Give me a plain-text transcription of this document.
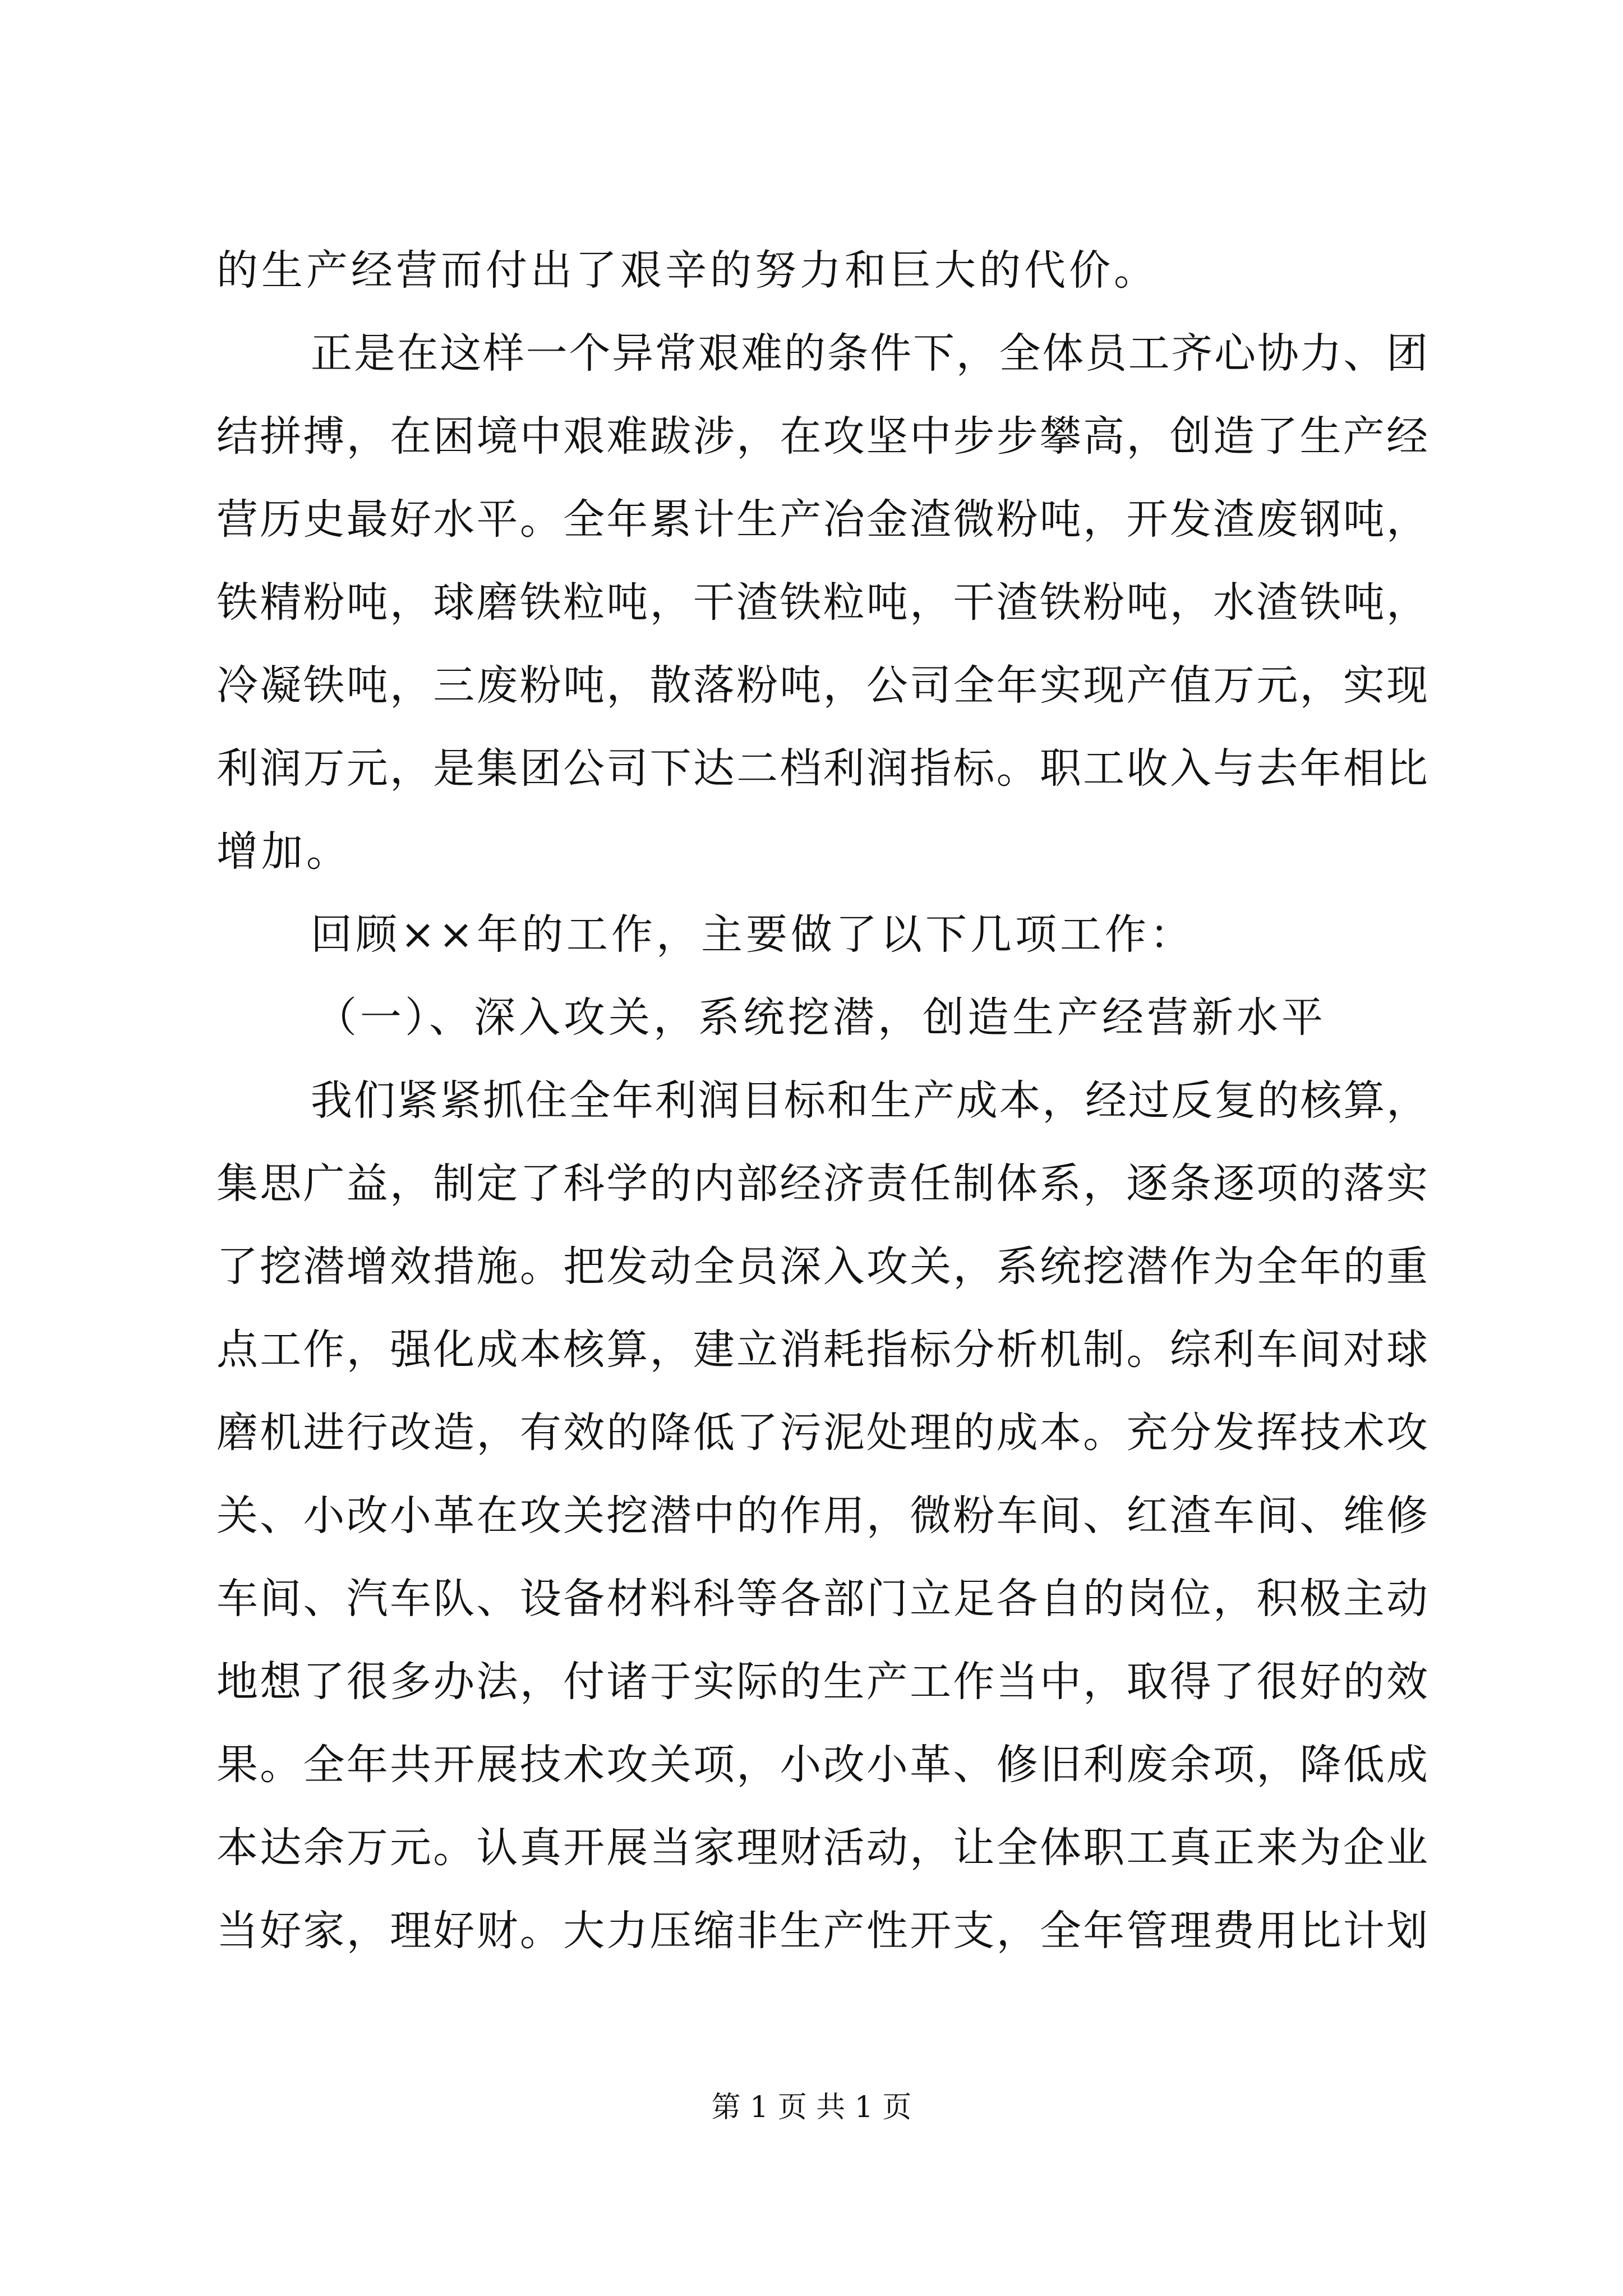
的生产经营而付出了艰辛的努力和巨大的代价。
正是在这样一个异常艰难的条件下，全体员工齐心协力、团
结拼搏，在困境中艰难跋涉，在攻坚中步步攀高，创造了生产经
营历史最好水平。全年累计生产冶金渣微粉吨，开发渣废钢吨，
铁精粉吨，球磨铁粒吨，干渣铁粒吨，干渣铁粉吨，水渣铁吨，
冷凝铁吨，三废粉吨，散落粉吨，公司全年实现产值万元，实现
利润万元，是集团公司下达二档利润指标。职工收入与去年相比
增加。
回顾××年的工作，主要做了以下几项工作：
（一）、深入攻关，系统挖潜，创造生产经营新水平
我们紧紧抓住全年利润目标和生产成本，经过反复的核算，
集思广益，制定了科学的内部经济责任制体系，逐条逐项的落实
了挖潜增效措施。把发动全员深入攻关，系统挖潜作为全年的重
点工作，强化成本核算，建立消耗指标分析机制。综利车间对球
磨机进行改造，有效的降低了污泥处理的成本。充分发挥技术攻
关、小改小革在攻关挖潜中的作用，微粉车间、红渣车间、维修
车间、汽车队、设备材料科等各部门立足各自的岗位，积极主动
地想了很多办法，付诸于实际的生产工作当中，取得了很好的效
果。全年共开展技术攻关项，小改小革、修旧利废余项，降低成
本达余万元。认真开展当家理财活动，让全体职工真正来为企业
当好家，理好财。大力压缩非生产性开支，全年管理费用比计划
第 1 页 共 1 页
